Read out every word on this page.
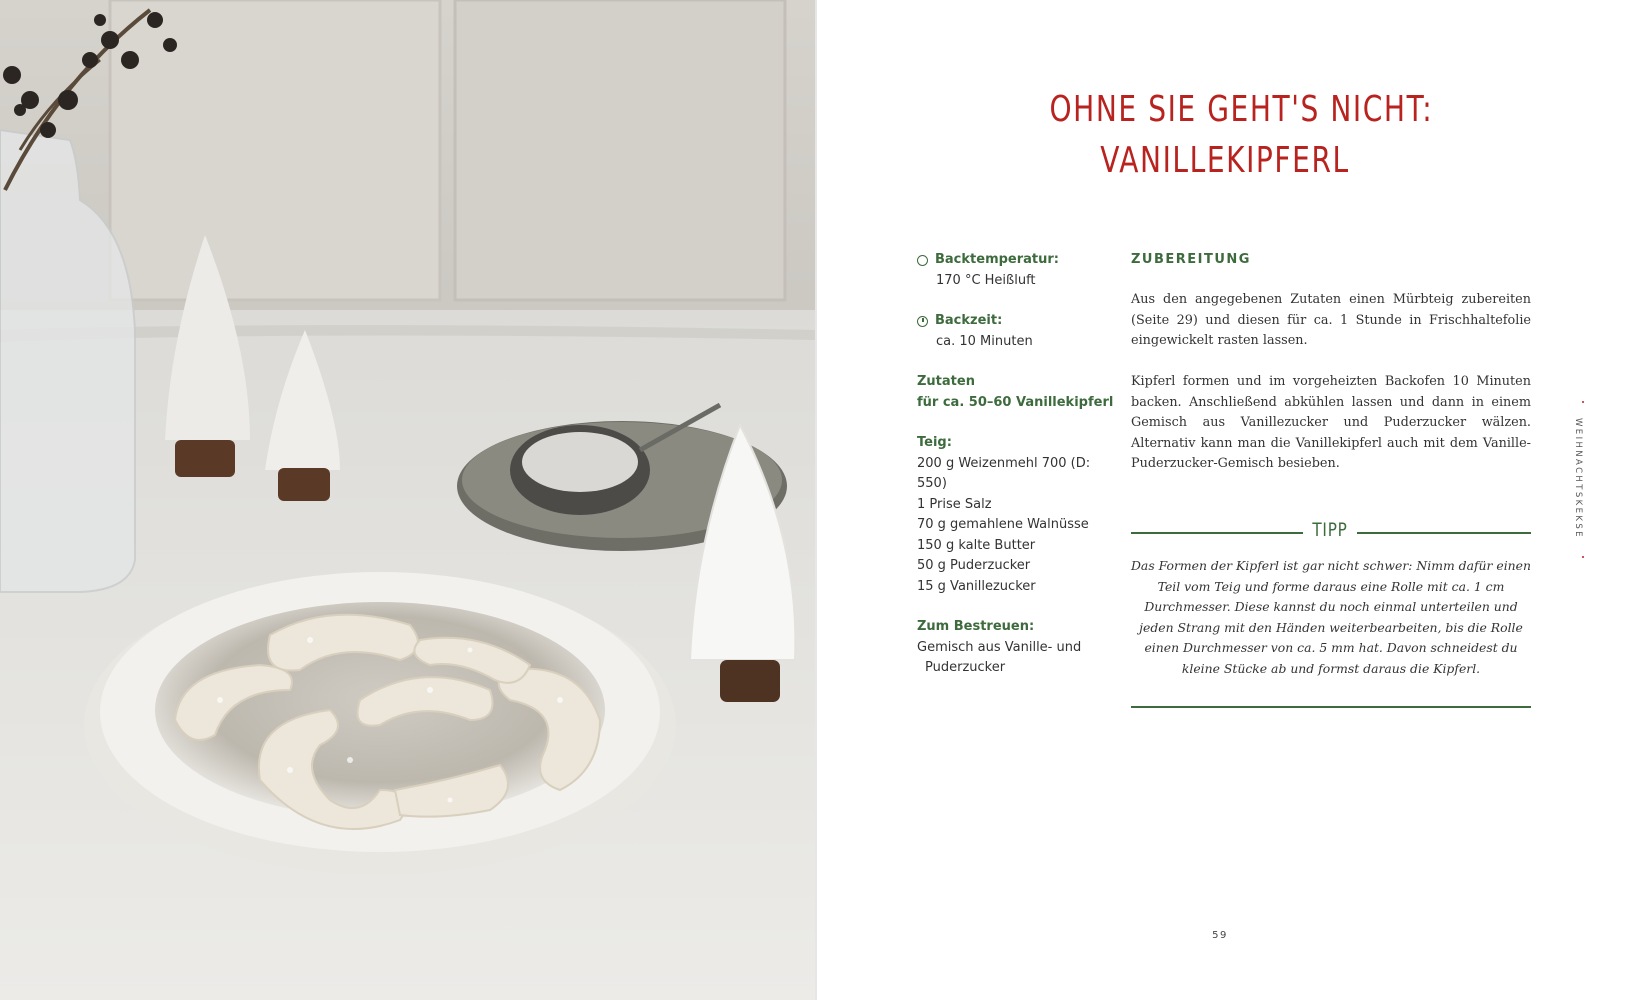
OHNE SIE GEHT'S NICHT:
VANILLEKIPFERL
Backtemperatur:
170 °C Heißluft
Backzeit:
ca. 10 Minuten
Zutaten
für ca. 50–60 Vanillekipferl
Teig:
200 g Weizenmehl 700 (D: 550)
1 Prise Salz
70 g gemahlene Walnüsse
150 g kalte Butter
50 g Puderzucker
15 g Vanillezucker
Zum Bestreuen:
Gemisch aus Vanille- und
Puderzucker
ZUBEREITUNG

Aus den angegebenen Zutaten einen Mürbteig zubereiten (Seite 29) und diesen für ca. 1 Stunde in Frischhaltefolie eingewickelt rasten lassen.

Kipferl formen und im vorgeheizten Backofen 10 Minuten backen. Anschließend abkühlen lassen und dann in einem Gemisch aus Vanillezucker und Puderzucker wälzen. Alternativ kann man die Vanillekipferl auch mit dem Vanille-Puderzucker-Gemisch besieben.

TIPP
Das Formen der Kipferl ist gar nicht schwer: Nimm dafür einen Teil vom Teig und forme daraus eine Rolle mit ca. 1 cm Durchmesser. Diese kannst du noch einmal unterteilen und jeden Strang mit den Händen weiterbearbeiten, bis die Rolle einen Durchmesser von ca. 5 mm hat. Davon schneidest du kleine Stücke ab und formst daraus die Kipferl.
WEIHNACHTSKEKSE
59
